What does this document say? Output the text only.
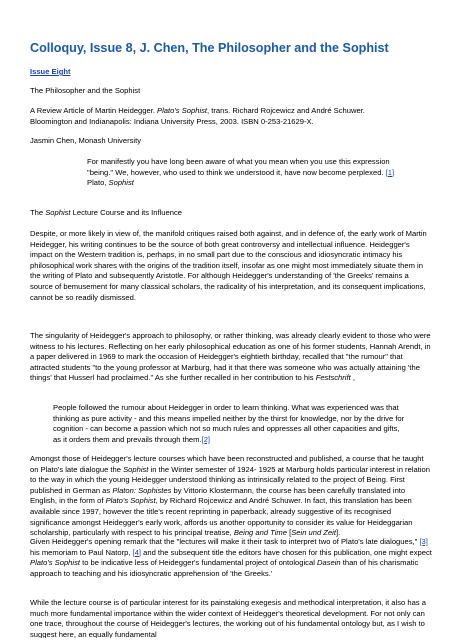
Colloquy, Issue 8, J. Chen, The Philosopher and the Sophist
Issue Eight
The Philosopher and the Sophist
A Review Article of Martin Heidegger. Plato's Sophist, trans. Richard Rojcewicz and André Schuwer.
Bloomington and Indianapolis: Indiana University Press, 2003. ISBN 0-253-21629-X.
Jasmin Chen, Monash University
For manifestly you have long been aware of what you mean when you use this expression "being." We, however, who used to think we understood it, have now become perplexed. [1]
Plato, Sophist
The Sophist Lecture Course and its Influence
Despite, or more likely in view of, the manifold critiques raised both against, and in defence of, the early work of Martin Heidegger, his writing continues to be the source of both great controversy and intellectual influence. Heidegger's impact on the Western tradition is, perhaps, in no small part due to the conscious and idiosyncratic intimacy his philosophical work shares with the origins of the tradition itself, insofar as one might most immediately situate them in the writing of Plato and subsequently Aristotle. For although Heidegger's understanding of 'the Greeks' remains a source of bemusement for many classical scholars, the radicality of his interpretation, and its consequent implications, cannot be so readily dismissed.
The singularity of Heidegger's approach to philosophy, or rather thinking, was already clearly evident to those who were witness to his lectures. Reflecting on her early philosophical education as one of his former students, Hannah Arendt, in a paper delivered in 1969 to mark the occasion of Heidegger's eightieth birthday, recalled that "the rumour" that attracted students "to the young professor at Marburg, had it that there was someone who was actually attaining 'the things' that Husserl had proclaimed." As she further recalled in her contribution to his Festschrift ,
People followed the rumour about Heidegger in order to learn thinking. What was experienced was that thinking as pure activity - and this means impelled neither by the thirst for knowledge, nor by the drive for cognition - can become a passion which not so much rules and oppresses all other capacities and gifts, as it orders them and prevails through them.[2]
Amongst those of Heidegger's lecture courses which have been reconstructed and published, a course that he taught on Plato's late dialogue the Sophist in the Winter semester of 1924- 1925 at Marburg holds particular interest in relation to the way in which the young Heidegger understood thinking as intrinsically related to the project of Being. First published in German as Platon: Sophistes by Vittorio Klostermann, the course has been carefully translated into English, in the form of Plato's Sophist, by Richard Rojcewicz and André Schuwer. In fact, this translation has been available since 1997, however the title's recent reprinting in paperback, already suggestive of its recognised significance amongst Heidegger's early work, affords us another opportunity to consider its value for Heideggarian scholarship, particularly with respect to his principal treatise, Being and Time [Sein und Zeit].
Given Heidegger's opening remark that the "lectures will make it their task to interpret two of Plato's late dialogues," [3] his memoriam to Paul Natorp, [4] and the subsequent title the editors have chosen for this publication, one might expect Plato's Sophist to be indicative less of Heidegger's fundamental project of ontological Dasein than of his charismatic approach to teaching and his idiosyncratic apprehension of 'the Greeks.'
While the lecture course is of particular interest for its painstaking exegesis and methodical interpretation, it also has a much more fundamental importance within the wider context of Heidegger's theoretical development. For not only can one trace, throughout the course of Heidegger's lectures, the working out of his fundamental ontology but, as I wish to suggest here, an equally fundamental
